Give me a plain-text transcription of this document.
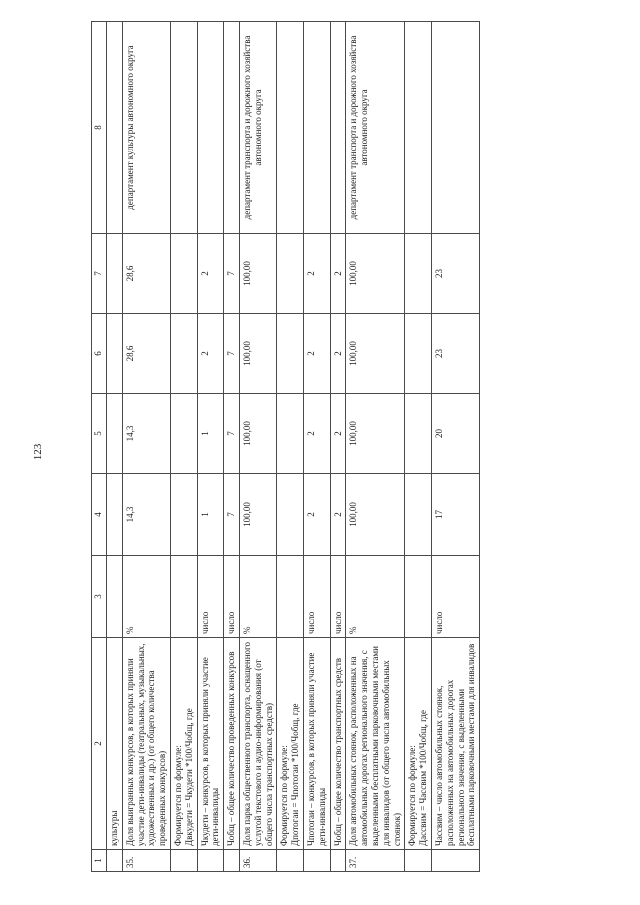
123
1	2	3	4	5	6	7	8
	культуры						
35.	Доля выигранных конкурсов, в которых приняли участие дети-инвалиды (театральных, музыкальных, художественных и др.) (от общего количества проведенных конкурсов)	%	14,3	14,3	28,6	28,6	департамент культуры автономного округа
	Формируется по формуле:
Двкудети = Чкудети *100/Чобщ, где						
	Чкудети – конкурсов, в которых приняли участие дети-инвалиды	число	1	1	2	2	
	Чобщ – общее количество проведенных конкурсов	число	7	7	7	7	
36.	Доля парка общественного транспорта, оснащенного услугой текстового и аудио-информирования (от общего числа транспортных средств)	%	100,00	100,00	100,00	100,00	департамент транспорта и дорожного хозяйства автономного округа
	Формируется по формуле:
Дпотогаи = Чпотогаи *100/Чобщ, где						
	Чпотогаи – конкурсов, в которых приняли участие дети-инвалиды	число	2	2	2	2	
	Чобщ – общее количество транспортных средств	число	2	2	2	2	
37.	Доля автомобильных стоянок, расположенных на автомобильных дорогах регионального значения, с выделенными бесплатными парковочными местами для инвалидов (от общего числа автомобильных стоянок)	%	100,00	100,00	100,00	100,00	департамент транспорта и дорожного хозяйства автономного округа
	Формируется по формуле:
Дассвим = Чассвим *100/Чобщ, где						
	Чассвим – число автомобильных стоянок, расположенных на автомобильных дорогах регионального значения, с выделенными бесплатными парковочными местами для инвалидов	число	17	20	23	23	
